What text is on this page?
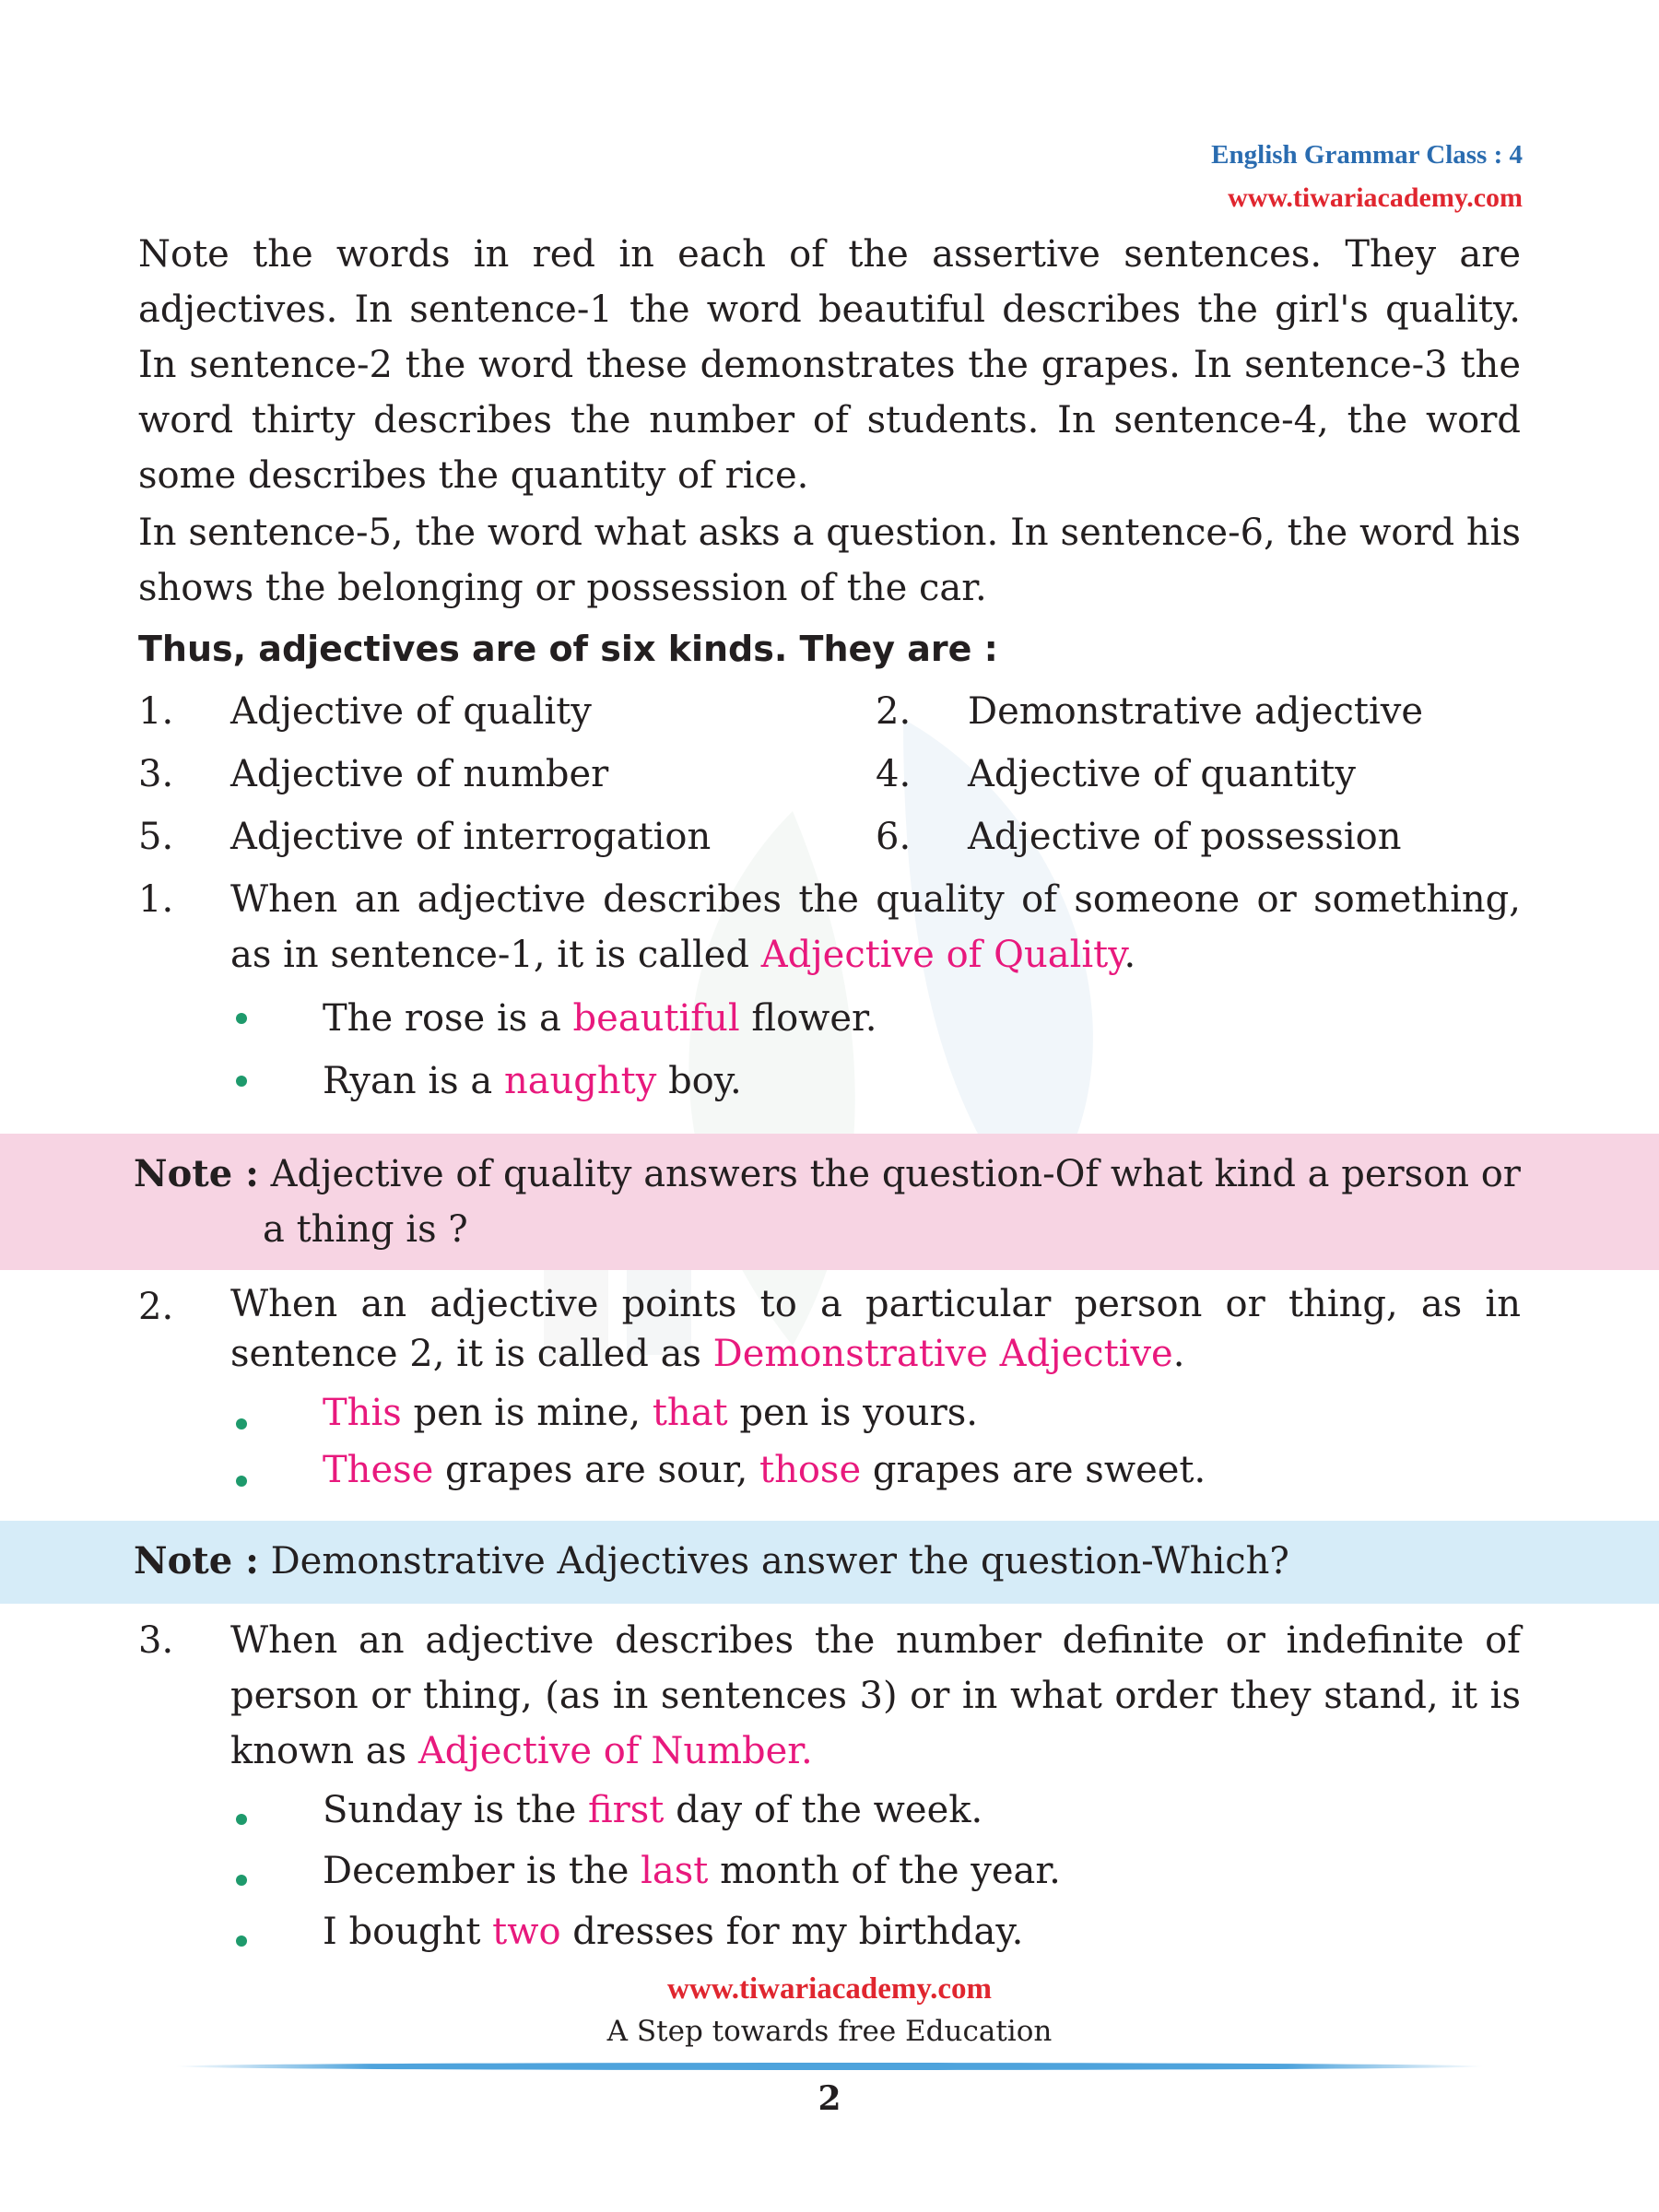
English Grammar Class : 4
www.tiwariacademy.com
Note the words in red in each of the assertive sentences. They are adjectives. In sentence-1 the word beautiful describes the girl's quality. In sentence-2 the word these demonstrates the grapes. In sentence-3 the word thirty describes the number of students. In sentence-4, the word some describes the quantity of rice.
In sentence-5, the word what asks a question. In sentence-6, the word his shows the belonging or possession of the car.
Thus, adjectives are of six kinds. They are :
1. Adjective of quality	2. Demonstrative adjective
3. Adjective of number	4. Adjective of quantity
5. Adjective of interrogation	6. Adjective of possession
1. When an adjective describes the quality of someone or something, as in sentence-1, it is called Adjective of Quality.
The rose is a beautiful flower.
Ryan is a naughty boy.
Note : Adjective of quality answers the question-Of what kind a person or
a thing is ?
2. When an adjective points to a particular person or thing, as in sentence 2, it is called as Demonstrative Adjective.
This pen is mine, that pen is yours.
These grapes are sour, those grapes are sweet.
Note : Demonstrative Adjectives answer the question-Which?
3. When an adjective describes the number definite or indefinite of person or thing, (as in sentences 3) or in what order they stand, it is known as Adjective of Number.
Sunday is the first day of the week.
December is the last month of the year.
I bought two dresses for my birthday.
www.tiwariacademy.com
A Step towards free Education
2
